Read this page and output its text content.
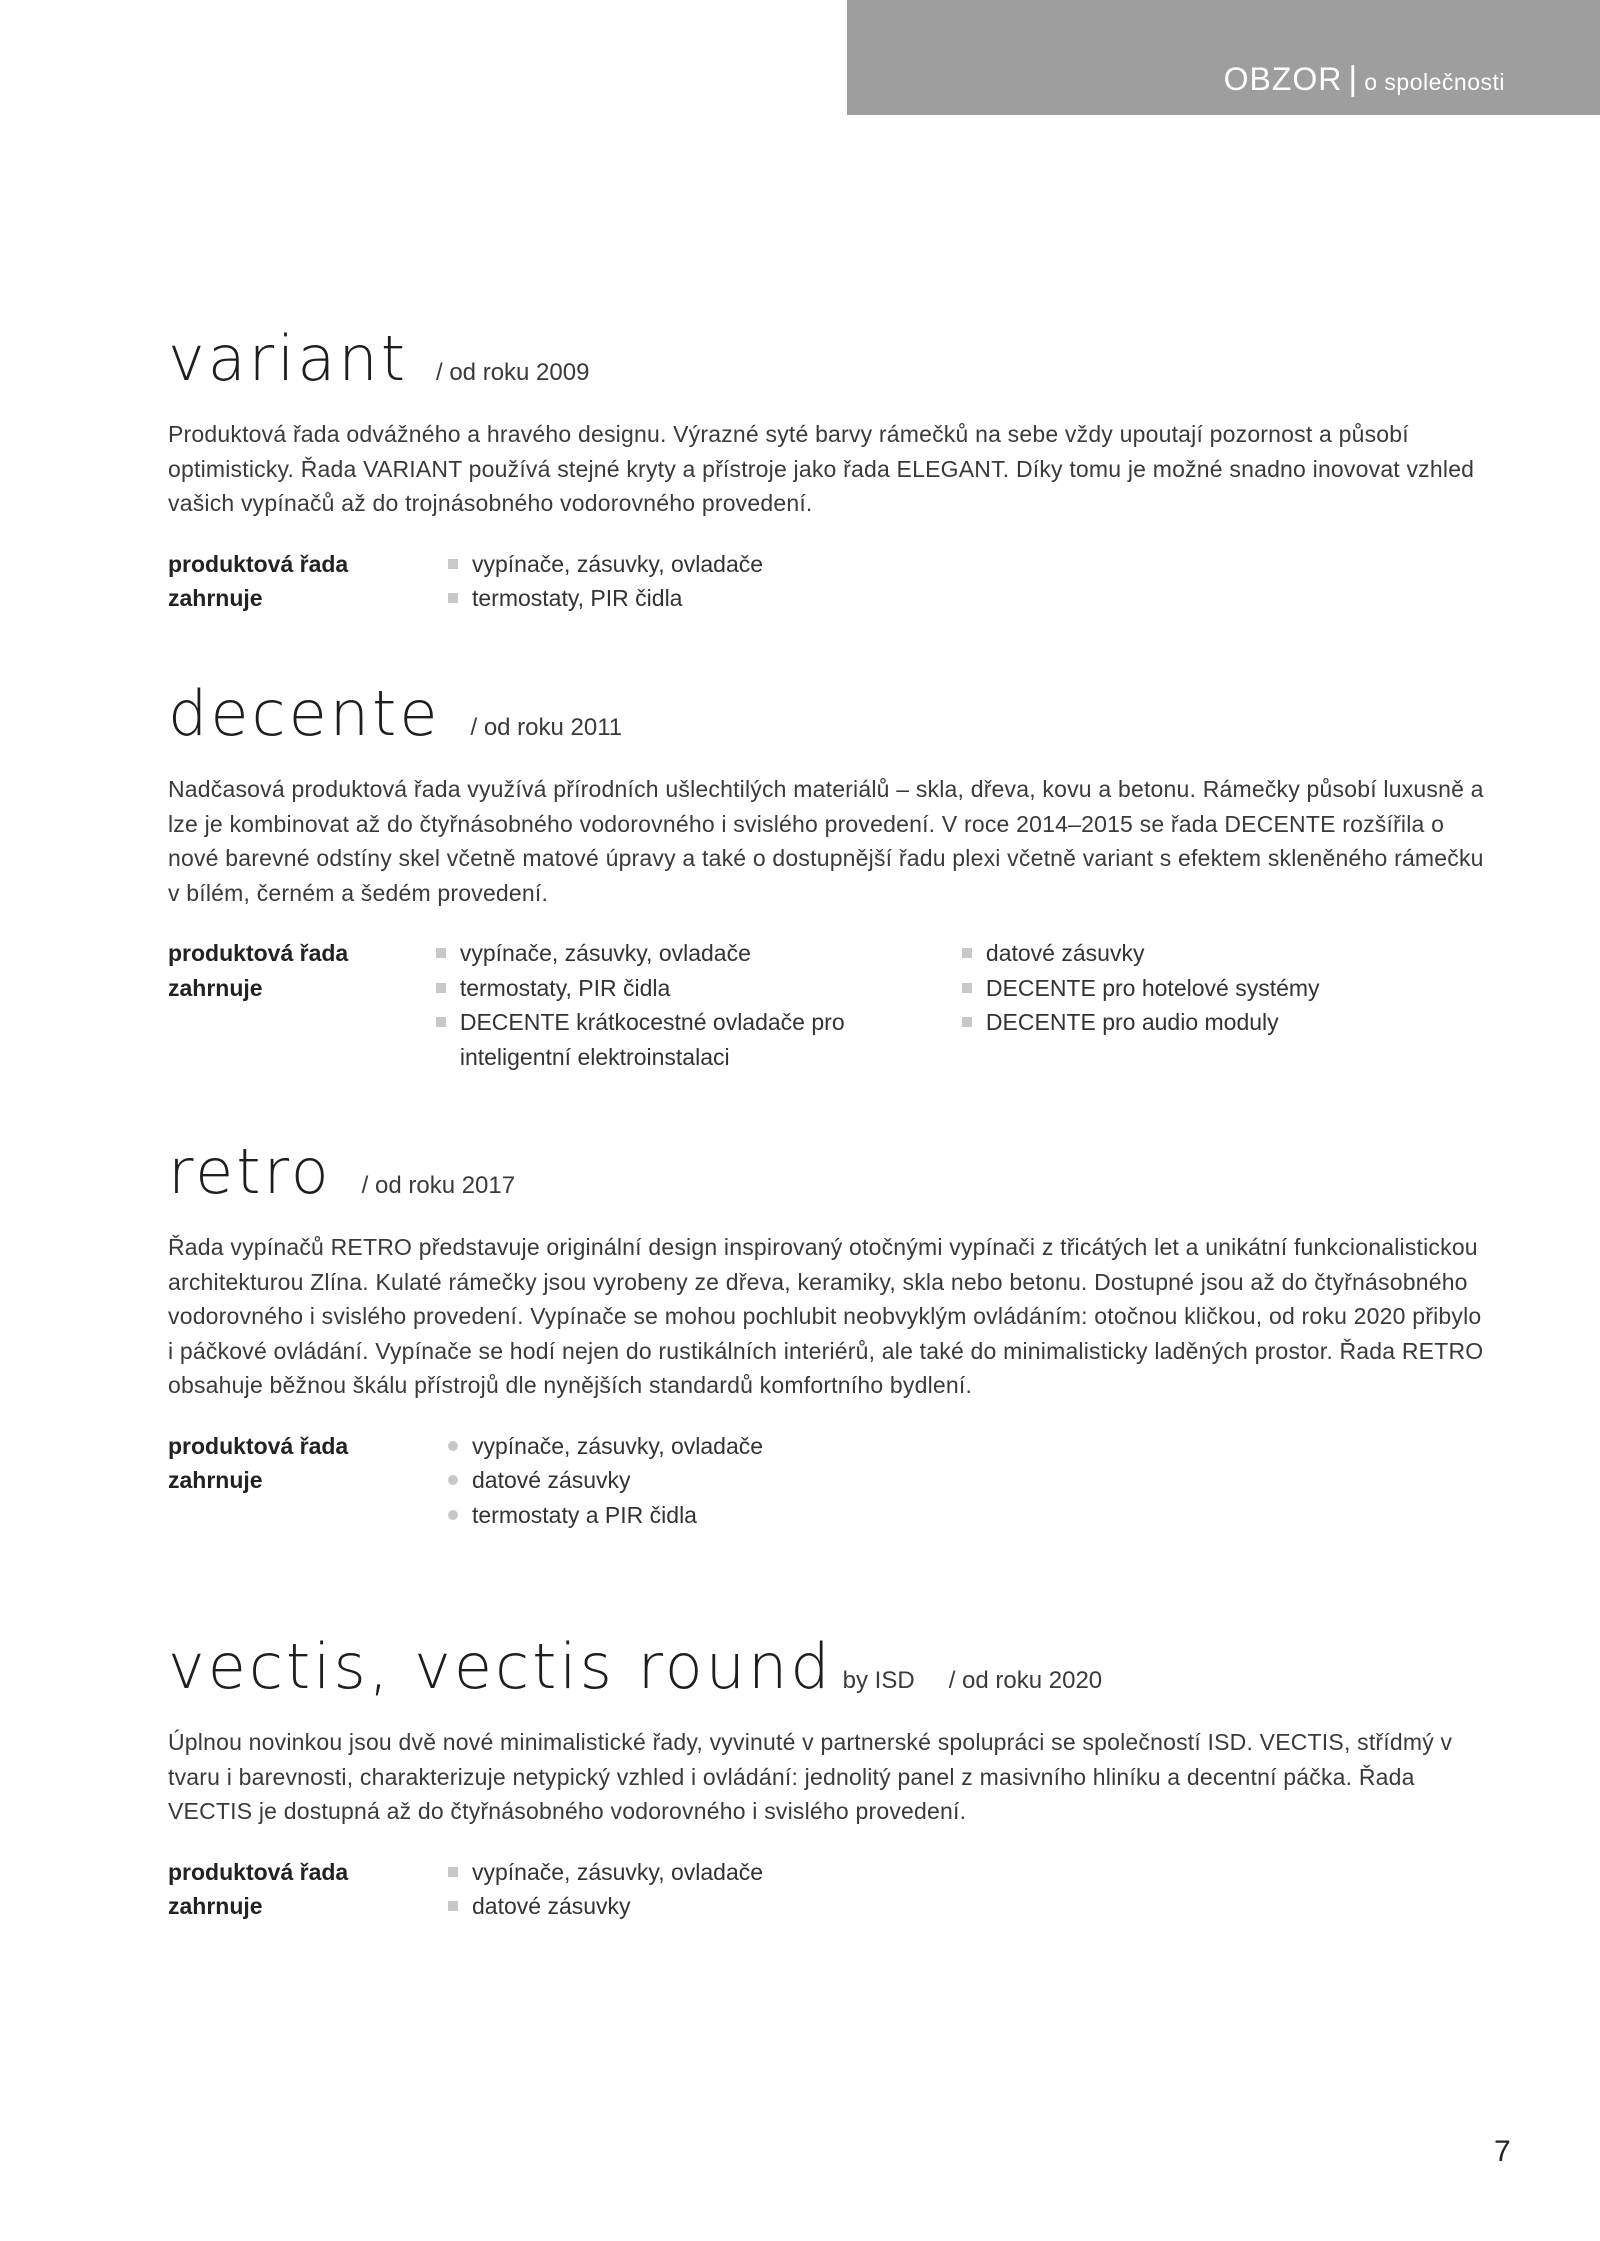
OBZOR | o společnosti
variant / od roku 2009

Produktová řada odvážného a hravého designu. Výrazné syté barvy rámečků na sebe vždy upoutají pozornost a působí optimisticky. Řada VARIANT používá stejné kryty a přístroje jako řada ELEGANT. Díky tomu je možné snadno inovovat vzhled vašich vypínačů až do trojnásobného vodorovného provedení.

produktová řada zahrnuje
vypínače, zásuvky, ovladače
termostaty, PIR čidla
decente / od roku 2011

Nadčasová produktová řada využívá přírodních ušlechtilých materiálů – skla, dřeva, kovu a betonu. Rámečky působí luxusně a lze je kombinovat až do čtyřnásobného vodorovného i svislého provedení. V roce 2014–2015 se řada DECENTE rozšířila o nové barevné odstíny skel včetně matové úpravy a také o dostupnější řadu plexi včetně variant s efektem skleněného rámečku v bílém, černém a šedém provedení.

produktová řada zahrnuje
vypínače, zásuvky, ovladače
termostaty, PIR čidla
DECENTE krátkocestné ovladače pro inteligentní elektroinstalaci
datové zásuvky
DECENTE pro hotelové systémy
DECENTE pro audio moduly
retro / od roku 2017

Řada vypínačů RETRO představuje originální design inspirovaný otočnými vypínači z třicátých let a unikátní funkcionalistickou architekturou Zlína. Kulaté rámečky jsou vyrobeny ze dřeva, keramiky, skla nebo betonu. Dostupné jsou až do čtyřnásobného vodorovného i svislého provedení. Vypínače se mohou pochlubit neobvyklým ovládáním: otočnou kličkou, od roku 2020 přibylo i páčkové ovládání. Vypínače se hodí nejen do rustikálních interiérů, ale také do minimalisticky laděných prostor. Řada RETRO obsahuje běžnou škálu přístrojů dle nynějších standardů komfortního bydlení.

produktová řada zahrnuje
vypínače, zásuvky, ovladače
datové zásuvky
termostaty a PIR čidla
vectis, vectis round by ISD / od roku 2020

Úplnou novinkou jsou dvě nové minimalistické řady, vyvinuté v partnerské spolupráci se společností ISD. VECTIS, střídmý v tvaru i barevnosti, charakterizuje netypický vzhled i ovládání: jednolitý panel z masivního hliníku a decentní páčka. Řada VECTIS je dostupná až do čtyřnásobného vodorovného i svislého provedení.

produktová řada zahrnuje
vypínače, zásuvky, ovladače
datové zásuvky
7
